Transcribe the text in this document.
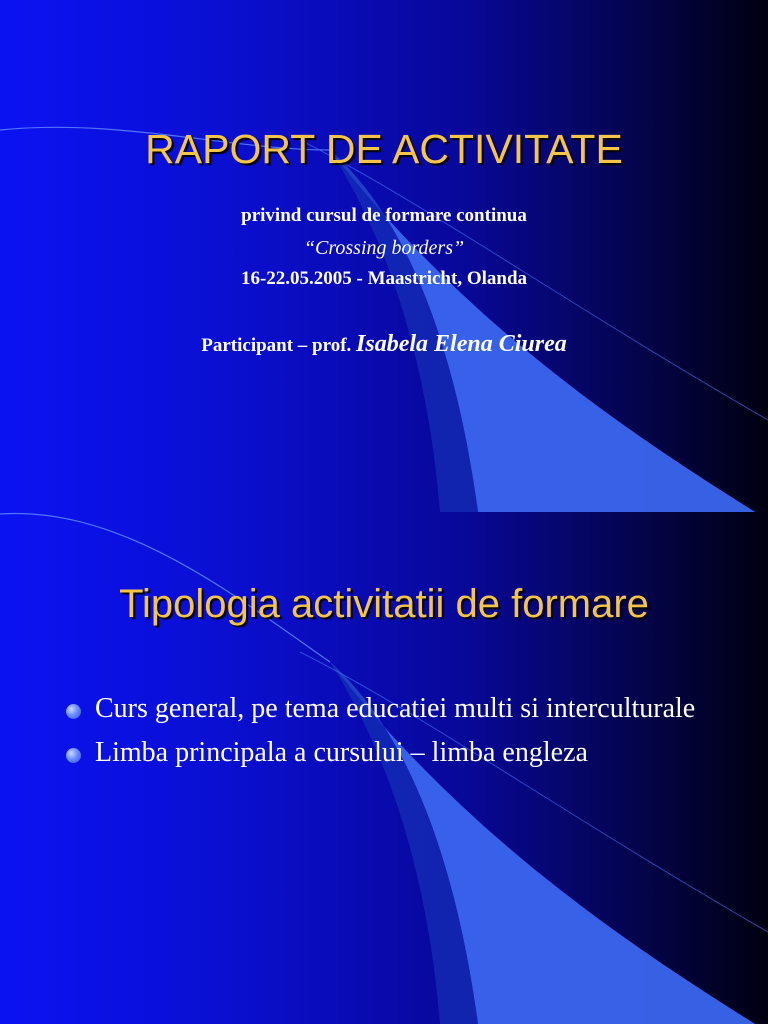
RAPORT DE ACTIVITATE
privind cursul de formare continua
“Crossing borders”
16-22.05.2005 - Maastricht, Olanda
Participant – prof. Isabela Elena Ciurea
Tipologia activitatii de formare
Curs general, pe tema educatiei multi si interculturale
Limba principala a cursului – limba engleza
